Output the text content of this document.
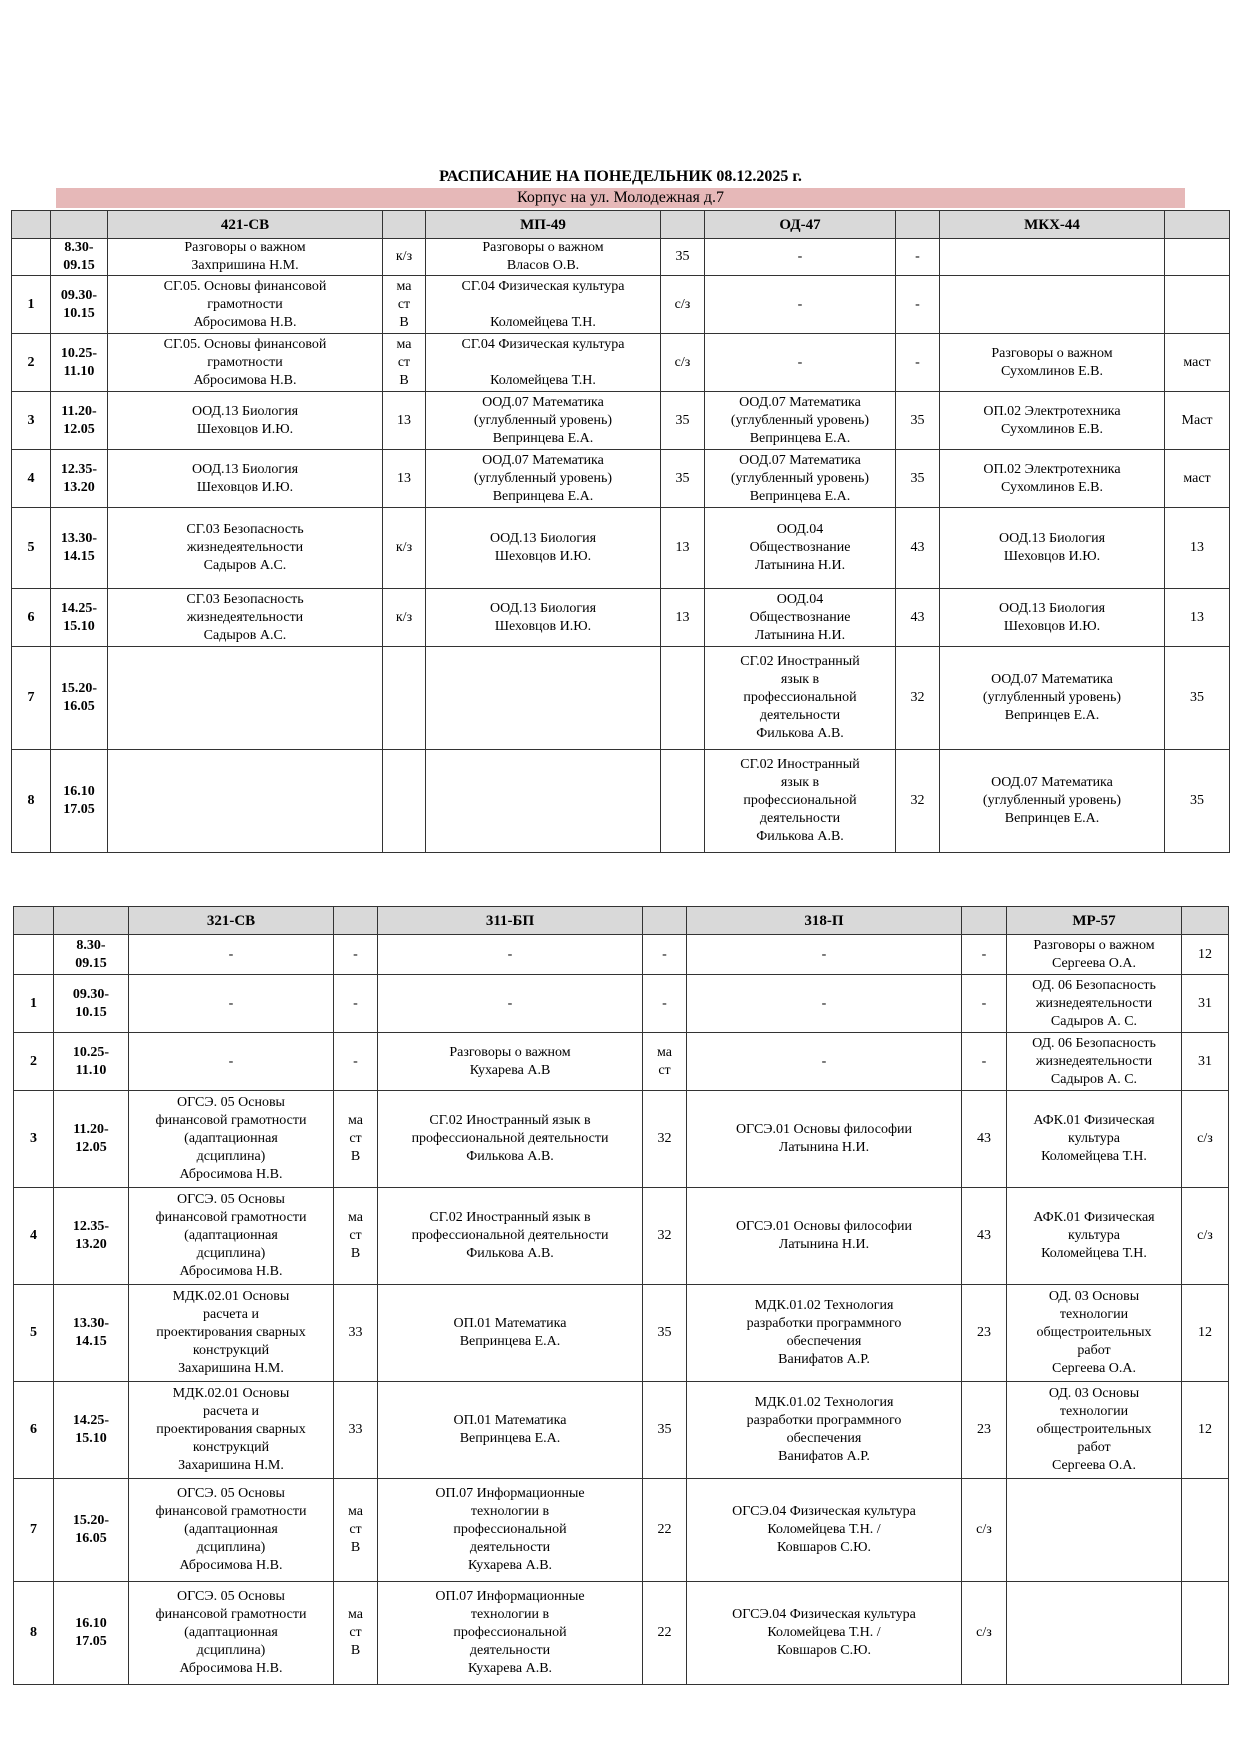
РАСПИСАНИЕ НА ПОНЕДЕЛЬНИК 08.12.2025 г.
Корпус на ул. Молодежная д.7
		421-СВ		МП-49		ОД-47		МКХ-44	
	8.30-
09.15	Разговоры о важном
Захпришина Н.М.	к/з	Разговоры о важном
Власов О.В.	35	-	-		
1	09.30-
10.15	СГ.05. Основы финансовой
грамотности
Абросимова Н.В.	ма
ст
В	СГ.04 Физическая культура

Коломейцева Т.Н.	с/з	-	-		
2	10.25-
11.10	СГ.05. Основы финансовой
грамотности
Абросимова Н.В.	ма
ст
В	СГ.04 Физическая культура

Коломейцева Т.Н.	с/з	-	-	Разговоры о важном
Сухомлинов Е.В.	маст
3	11.20-
12.05	ООД.13 Биология
Шеховцов И.Ю.	13	ООД.07 Математика
(углубленный уровень)
Вепринцева Е.А.	35	ООД.07 Математика
(углубленный уровень)
Вепринцева Е.А.	35	ОП.02 Электротехника
Сухомлинов Е.В.	Маст
4	12.35-
13.20	ООД.13 Биология
Шеховцов И.Ю.	13	ООД.07 Математика
(углубленный уровень)
Вепринцева Е.А.	35	ООД.07 Математика
(углубленный уровень)
Вепринцева Е.А.	35	ОП.02 Электротехника
Сухомлинов Е.В.	маст
5	13.30-
14.15	СГ.03 Безопасность
жизнедеятельности
Садыров А.С.	к/з	ООД.13 Биология
Шеховцов И.Ю.	13	ООД.04
Обществознание
Латынина Н.И.	43	ООД.13 Биология
Шеховцов И.Ю.	13
6	14.25-
15.10	СГ.03 Безопасность
жизнедеятельности
Садыров А.С.	к/з	ООД.13 Биология
Шеховцов И.Ю.	13	ООД.04
Обществознание
Латынина Н.И.	43	ООД.13 Биология
Шеховцов И.Ю.	13
7	15.20-
16.05					СГ.02 Иностранный
язык в
профессиональной
деятельности
Филькова А.В.	32	ООД.07 Математика
(углубленный уровень)
Вепринцев Е.А.	35
8	16.10
17.05					СГ.02 Иностранный
язык в
профессиональной
деятельности
Филькова А.В.	32	ООД.07 Математика
(углубленный уровень)
Вепринцев Е.А.	35
		321-СВ		311-БП		318-П		МР-57	
	8.30-
09.15	-	-	-	-	-	-	Разговоры о важном
Сергеева О.А.	12
1	09.30-
10.15	-	-	-	-	-	-	ОД. 06 Безопасность
жизнедеятельности
Садыров А. С.	31
2	10.25-
11.10	-	-	Разговоры о важном
Кухарева А.В	ма
ст	-	-	ОД. 06 Безопасность
жизнедеятельности
Садыров А. С.	31
3	11.20-
12.05	ОГСЭ. 05 Основы
финансовой грамотности
(адаптационная
дсциплина)
Абросимова Н.В.	ма
ст
В	СГ.02 Иностранный язык в
профессиональной деятельности
Филькова А.В.	32	ОГСЭ.01 Основы философии
Латынина Н.И.	43	АФК.01 Физическая
культура
Коломейцева Т.Н.	с/з
4	12.35-
13.20	ОГСЭ. 05 Основы
финансовой грамотности
(адаптационная
дсциплина)
Абросимова Н.В.	ма
ст
В	СГ.02 Иностранный язык в
профессиональной деятельности
Филькова А.В.	32	ОГСЭ.01 Основы философии
Латынина Н.И.	43	АФК.01 Физическая
культура
Коломейцева Т.Н.	с/з
5	13.30-
14.15	МДК.02.01 Основы
расчета и
проектирования сварных
конструкций
Захаришина Н.М.	33	ОП.01 Математика
Вепринцева Е.А.	35	МДК.01.02 Технология
разработки программного
обеспечения
Ванифатов А.Р.	23	ОД. 03 Основы
технологии
общестроительных
работ
Сергеева О.А.	12
6	14.25-
15.10	МДК.02.01 Основы
расчета и
проектирования сварных
конструкций
Захаришина Н.М.	33	ОП.01 Математика
Вепринцева Е.А.	35	МДК.01.02 Технология
разработки программного
обеспечения
Ванифатов А.Р.	23	ОД. 03 Основы
технологии
общестроительных
работ
Сергеева О.А.	12
7	15.20-
16.05	ОГСЭ. 05 Основы
финансовой грамотности
(адаптационная
дсциплина)
Абросимова Н.В.	ма
ст
В	ОП.07 Информационные
технологии в
профессиональной
деятельности
Кухарева А.В.	22	ОГСЭ.04 Физическая культура
Коломейцева Т.Н. /
Ковшаров С.Ю.	с/з		
8	16.10
17.05	ОГСЭ. 05 Основы
финансовой грамотности
(адаптационная
дсциплина)
Абросимова Н.В.	ма
ст
В	ОП.07 Информационные
технологии в
профессиональной
деятельности
Кухарева А.В.	22	ОГСЭ.04 Физическая культура
Коломейцева Т.Н. /
Ковшаров С.Ю.	с/з		
